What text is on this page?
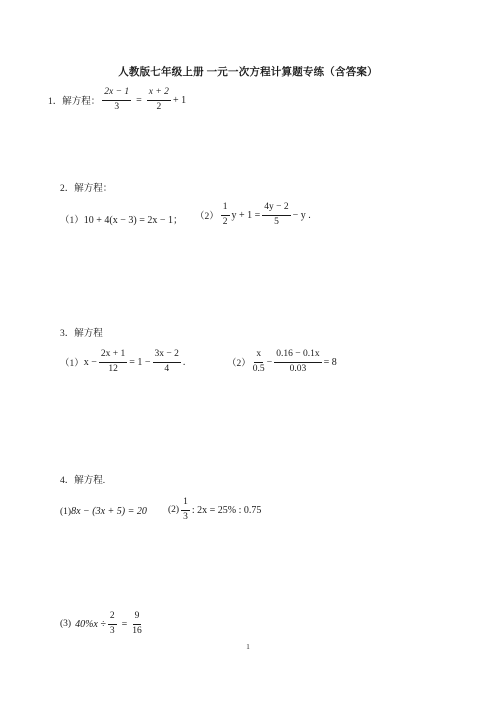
人教版七年级上册 一元一次方程计算题专练（含答案）
1．解方程： $\frac{2x - 1}{3} = \frac{x + 2}{2} + 1$
2．解方程：
（1） 10 + 4(x − 3) = 2x − 1； $(2) \frac{1}{2}$ $y + 1 = \frac{4y - 2}{5} - y$ .
3．解方程
（1） $x - \frac{2x + 1}{12} = 1 - \frac{3x - 2}{4}$ .	$(2) \frac{x}{0.5} - \frac{0.16 - 0.1x}{0.03} = 8$
4．解方程.
(1) 8x − (3x + 5) = 20 $(2) \frac{1}{3}$ : 2x = 25% : 0.75
(3) $40\%x \div \frac{2}{3} = \frac{9}{16}$
1
